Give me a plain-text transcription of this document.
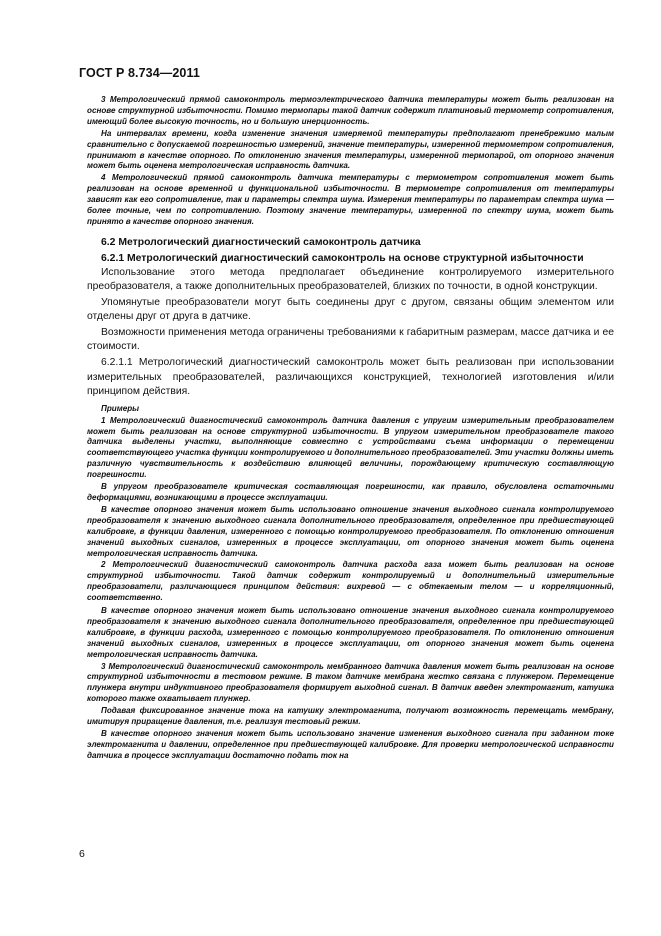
ГОСТ Р 8.734—2011

3 Метрологический прямой самоконтроль термоэлектрического датчика температуры может быть реализован на основе структурной избыточности. Помимо термопары такой датчик содержит платиновый термометр сопротивления, имеющий более высокую точность, но и большую инерционность.

На интервалах времени, когда изменение значения измеряемой температуры предполагают пренебрежимо малым сравнительно с допускаемой погрешностью измерений, значение температуры, измеренной термометром сопротивления, принимают в качестве опорного. По отклонению значения температуры, измеренной термопарой, от опорного значения может быть оценена метрологическая исправность датчика.

4 Метрологический прямой самоконтроль датчика температуры с термометром сопротивления может быть реализован на основе временной и функциональной избыточности. В термометре сопротивления от температуры зависят как его сопротивление, так и параметры спектра шума. Измерения температуры по параметрам спектра шума — более точные, чем по сопротивлению. Поэтому значение температуры, измеренной по спектру шума, может быть принято в качестве опорного значения.

6.2 Метрологический диагностический самоконтроль датчика

6.2.1 Метрологический диагностический самоконтроль на основе структурной избыточности

Использование этого метода предполагает объединение контролируемого измерительного преобразователя, а также дополнительных преобразователей, близких по точности, в одной конструкции.

Упомянутые преобразователи могут быть соединены друг с другом, связаны общим элементом или отделены друг от друга в датчике.

Возможности применения метода ограничены требованиями к габаритным размерам, массе датчика и ее стоимости.

6.2.1.1 Метрологический диагностический самоконтроль может быть реализован при использовании измерительных преобразователей, различающихся конструкцией, технологией изготовления и/или принципом действия.

Примеры

1 Метрологический диагностический самоконтроль датчика давления с упругим измерительным преобразователем может быть реализован на основе структурной избыточности. В упругом измерительном преобразователе такого датчика выделены участки, выполняющие совместно с устройствами съема информации о перемещении соответствующего участка функции контролируемого и дополнительного преобразователей. Эти участки должны иметь различную чувствительность к воздействию влияющей величины, порождающему критическую составляющую погрешности.

В упругом преобразователе критическая составляющая погрешности, как правило, обусловлена остаточными деформациями, возникающими в процессе эксплуатации.

В качестве опорного значения может быть использовано отношение значения выходного сигнала контролируемого преобразователя к значению выходного сигнала дополнительного преобразователя, определенное при предшествующей калибровке, в функции давления, измеренного с помощью контролируемого преобразователя. По отклонению отношения значений выходных сигналов, измеренных в процессе эксплуатации, от опорного значения может быть оценена метрологическая исправность датчика.

2 Метрологический диагностический самоконтроль датчика расхода газа может быть реализован на основе структурной избыточности. Такой датчик содержит контролируемый и дополнительный измерительные преобразователи, различающиеся принципом действия: вихревой — с обтекаемым телом — и корреляционный, соответственно.

В качестве опорного значения может быть использовано отношение значения выходного сигнала контролируемого преобразователя к значению выходного сигнала дополнительного преобразователя, определенное при предшествующей калибровке, в функции расхода, измеренного с помощью контролируемого преобразователя. По отклонению отношения значений выходных сигналов, измеренных в процессе эксплуатации, от опорного значения может быть оценена метрологическая исправность датчика.

3 Метрологический диагностический самоконтроль мембранного датчика давления может быть реализован на основе структурной избыточности в тестовом режиме. В таком датчике мембрана жестко связана с плунжером. Перемещение плунжера внутри индуктивного преобразователя формирует выходной сигнал. В датчик введен электромагнит, катушка которого также охватывает плунжер.

Подавая фиксированное значение тока на катушку электромагнита, получают возможность перемещать мембрану, имитируя приращение давления, т.е. реализуя тестовый режим.

В качестве опорного значения может быть использовано значение изменения выходного сигнала при заданном токе электромагнита и давлении, определенное при предшествующей калибровке. Для проверки метрологической исправности датчика в процессе эксплуатации достаточно подать ток на

6
